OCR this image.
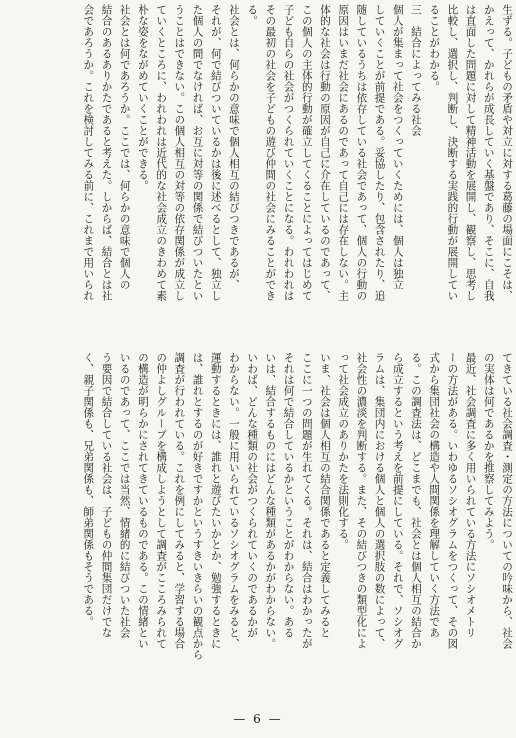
生ずる。子どもの矛盾や対立に対する葛藤の場面にこそは、
かえって、かれらが成長していく基盤であり、そこに、自我
は直面した問題に対して精神活動を展開し、観察し、思考し
比較し、選択し、判断し、決断する実践的行動が展開してい
ることがわかる。
三　結合によってみる社会
個人が集まって社会をつくっていくためには、個人は独立
していくことが前提である。妥協したり、包含されたり、追
随しているうちは依存している社会であって、個人の行動の
原因はいまだ社会にあるのであって自己には存在しない。主
体的な社会は行動の原因が自己に介在しているのであって、
この個人の主体的行動が確立してくることによってはじめて
子ども自らの社会がつくられていくことになる。われわれは
その最初の社会を子どもの遊び仲間の社会にみることができ
る。
社会とは、何らかの意味で個人相互の結びつきであるが、
それが、何で結びついているかは後に述べるとして、独立し
た個人の間でなければ、お互に対等の関係で結びついたとい
うことはできない。この個人相互の対等の依存関係が成立し
ていくところに、われわれは近代的な社会成立のきわめて素
朴な姿をながめていくことができる。
社会とは何であろうか。ここでは、何らかの意味で個人の
結合のあるありかたであると考えた。しからば、結合とは社
会であろうか。これを検討してみる前に、これまで用いられ
てきている社会調査・測定の方法についての吟味から、社会
の実体は何であるかを推察してみよう。
最近、社会調査に多く用いられている方法にソシオメトリ
ーの方法がある。いわゆるソシオグラムをつくって、その図
式から集団社会の構造や人間関係を理解していく方法であ
る。この調査法は、どこまでも、社会とは個人相互の結合か
ら成立するという考えを前提にしている。それで、ソシオグ
ラムは、集団内における個人と個人の選択肢の数によって、
社会性の濃淡を判断する。また、その結びつきの類型化によ
って社会成立のありかたを法則化する。
いま、社会は個人相互の結合関係であると定義してみると
ここに一つの問題が生れてくる。それは、結合はわかったが
それは何で結合しているかということがわからない。ある
いは、結合するものにはどんな種類があるかがわからない。
いわば、どんな種類の社会がつくられていくのであるかが
わからない。一般に用いられているソシオグラムをみると、
運動するときには、誰れと遊びたいかとか、勉強するときに
は、誰れとするのが好きですかというすきいきらいの観点から
調査が行われている。これを例にしてみると、学習する場合
の仲よしグループを構成しようとして調査がこころみられて
の構造が明らかにされてきているものである。この情緒とい
いるのであって、ここでは当然、情緒的に結びついた社会
う要因で結合している社会は、子どもの仲間集団だけでな
く、親子関係も、兄弟関係も、師弟関係もそうである。
— 6 —
